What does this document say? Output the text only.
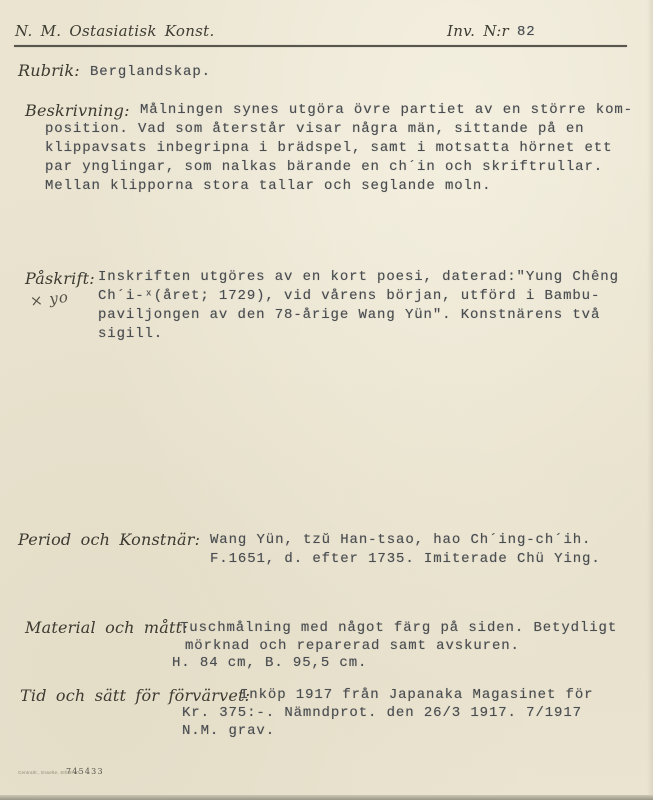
N. M. Ostasiatisk Konst.	Inv. N:r 82
Rubrik: Berglandskap.
Beskrivning: Målningen synes utgöra övre partiet av en större kom-
position. Vad som återstår visar några män, sittande på en
klippavsats inbegripna i brädspel, samt i motsatta hörnet ett
par ynglingar, som nalkas bärande en ch´in och skriftrullar.
Mellan klipporna stora tallar och seglande moln.
Påskrift:
× yo
Inskriften utgöres av en kort poesi, daterad:"Yung Chêng
Ch´i-ˣ(året; 1729), vid vårens början, utförd i Bambu-
paviljongen av den 78-årige Wang Yün". Konstnärens två
sigill.
Period och Konstnär: Wang Yün, tzŭ Han-tsao, hao Ch´ing-ch´ih.
F.1651, d. efter 1735. Imiterade Chü Ying.
Material och mått:
Tuschmålning med något färg på siden. Betydligt
mörknad och reparerad samt avskuren.
H. 84 cm, B. 95,5 cm.
Tid och sätt för förvärvet:
Inköp 1917 från Japanaka Magasinet för
Kr. 375:-. Nämndprot. den 26/3 1917. 7/1917
N.M. grav.
Centraltr., Esselte, Sthlm 37
745433
